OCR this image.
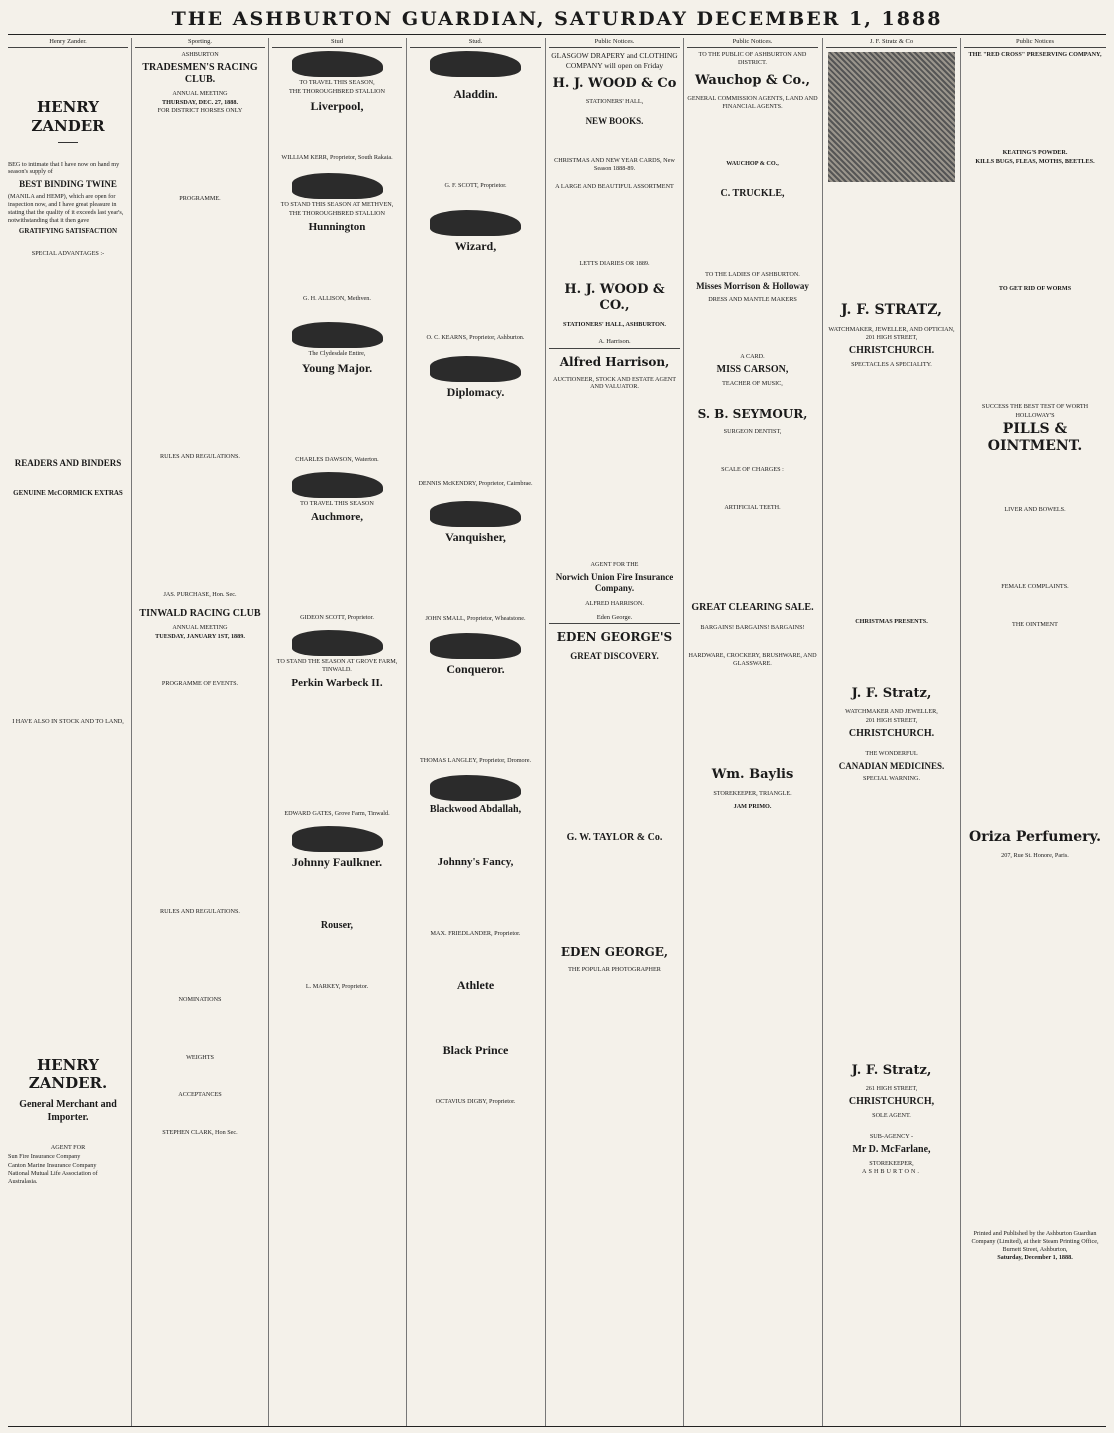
THE ASHBURTON GUARDIAN, SATURDAY DECEMBER 1, 1888
Henry Zander.
HENRY ZANDER
BEG to intimate that I have now on hand my season's supply of
BEST BINDING TWINE
(MANILA and HEMP), which are open for inspection now, and I have great pleasure in stating that the quality of it exceeds last year's, notwithstanding that it then gave
GRATIFYING SATISFACTION
SPECIAL ADVANTAGES :-
READERS AND BINDERS
GENUINE McCORMICK EXTRAS
I HAVE ALSO IN STOCK AND TO LAND,
HENRY ZANDER.
General Merchant and Importer.
AGENT FOR
Sun Fire Insurance Company
Canton Marine Insurance Company
National Mutual Life Association of Australasia.
Sporting.
ASHBURTON
TRADESMEN'S RACING CLUB.
ANNUAL MEETING
THURSDAY, DEC. 27, 1888.
FOR DISTRICT HORSES ONLY
PROGRAMME.
RULES AND REGULATIONS.
JAS. PURCHASE, Hon. Sec.
TINWALD RACING CLUB
ANNUAL MEETING
TUESDAY, JANUARY 1ST, 1889.
PROGRAMME OF EVENTS.
RULES AND REGULATIONS.
NOMINATIONS
WEIGHTS
ACCEPTANCES
STEPHEN CLARK, Hon Sec.
Stud
TO TRAVEL THIS SEASON,
THE THOROUGHBRED STALLION
Liverpool,
WILLIAM KERR, Proprietor, South Rakaia.
TO STAND THIS SEASON AT METHVEN,
THE THOROUGHBRED STALLION
Hunnington
G. H. ALLISON, Methven.
The Clydesdale Entire,
Young Major.
CHARLES DAWSON, Waterton.
TO TRAVEL THIS SEASON
Auchmore,
GIDEON SCOTT, Proprietor.
TO STAND THE SEASON AT GROVE FARM, TINWALD.
Perkin Warbeck II.
EDWARD GATES, Grove Farm, Tinwald.
Johnny Faulkner.
Rouser,
L. MARKEY, Proprietor.
Stud.
Aladdin.
G. F. SCOTT, Proprietor.
Wizard,
O. C. KEARNS, Proprietor, Ashburton.
Diplomacy.
DENNIS McKENDRY, Proprietor, Cairnbrae.
Vanquisher,
JOHN SMALL, Proprietor, Wheatstone.
Conqueror.
THOMAS LANGLEY, Proprietor, Dromore.
Blackwood Abdallah,
Johnny's Fancy,
MAX. FRIEDLANDER, Proprietor.
Athlete
Black Prince
OCTAVIUS DIGBY, Proprietor.
Public Notices.
GLASGOW DRAPERY and CLOTHING COMPANY will open on Friday
H. J. WOOD & Co
STATIONERS' HALL,
NEW BOOKS.
CHRISTMAS AND NEW YEAR CARDS, New Season 1888-89.
A LARGE AND BEAUTIFUL ASSORTMENT
LETTS DIARIES OR 1889.
H. J. WOOD & CO.,
STATIONERS' HALL, ASHBURTON.
A. Harrison.
Alfred Harrison,
AUCTIONEER, STOCK AND ESTATE AGENT AND VALUATOR.
AGENT FOR THE
Norwich Union Fire Insurance Company.
ALFRED HARRISON.
Eden George.
EDEN GEORGE'S
GREAT DISCOVERY.
G. W. TAYLOR & Co.
EDEN GEORGE,
THE POPULAR PHOTOGRAPHER
Public Notices.
TO THE PUBLIC OF ASHBURTON AND DISTRICT.
Wauchop & Co.,
GENERAL COMMISSION AGENTS, LAND AND FINANCIAL AGENTS.
WAUCHOP & CO.,
C. TRUCKLE,
TO THE LADIES OF ASHBURTON.
Misses Morrison & Holloway
DRESS AND MANTLE MAKERS
A CARD.
MISS CARSON,
TEACHER OF MUSIC,
S. B. SEYMOUR,
SURGEON DENTIST,
SCALE OF CHARGES :
ARTIFICIAL TEETH.
GREAT CLEARING SALE.
BARGAINS! BARGAINS! BARGAINS!
HARDWARE, CROCKERY, BRUSHWARE, AND GLASSWARE.
Wm. Baylis
STOREKEEPER, TRIANGLE.
JAM PRIMO.
J. F. Stratz & Co
J. F. STRATZ,
WATCHMAKER, JEWELLER, AND OPTICIAN,
201 HIGH STREET,
CHRISTCHURCH.
SPECTACLES A SPECIALITY.
CHRISTMAS PRESENTS.
J. F. Stratz,
WATCHMAKER AND JEWELLER,
201 HIGH STREET,
CHRISTCHURCH.
THE WONDERFUL
CANADIAN MEDICINES.
SPECIAL WARNING.
J. F. Stratz,
261 HIGH STREET,
CHRISTCHURCH,
SOLE AGENT.
SUB-AGENCY -
Mr D. McFarlane,
STOREKEEPER,
ASHBURTON.
Public Notices
THE "RED CROSS" PRESERVING COMPANY,
KEATING'S POWDER.
KILLS BUGS, FLEAS, MOTHS, BEETLES.
TO GET RID OF WORMS
SUCCESS THE BEST TEST OF WORTH
HOLLOWAY'S
PILLS & OINTMENT.
LIVER AND BOWELS.
FEMALE COMPLAINTS.
THE OINTMENT
Oriza Perfumery.
207, Rue St. Honore, Paris.
Printed and Published by the Ashburton Guardian Company (Limited), at their Steam Printing Office, Burnett Street, Ashburton,
Saturday, December 1, 1888.
